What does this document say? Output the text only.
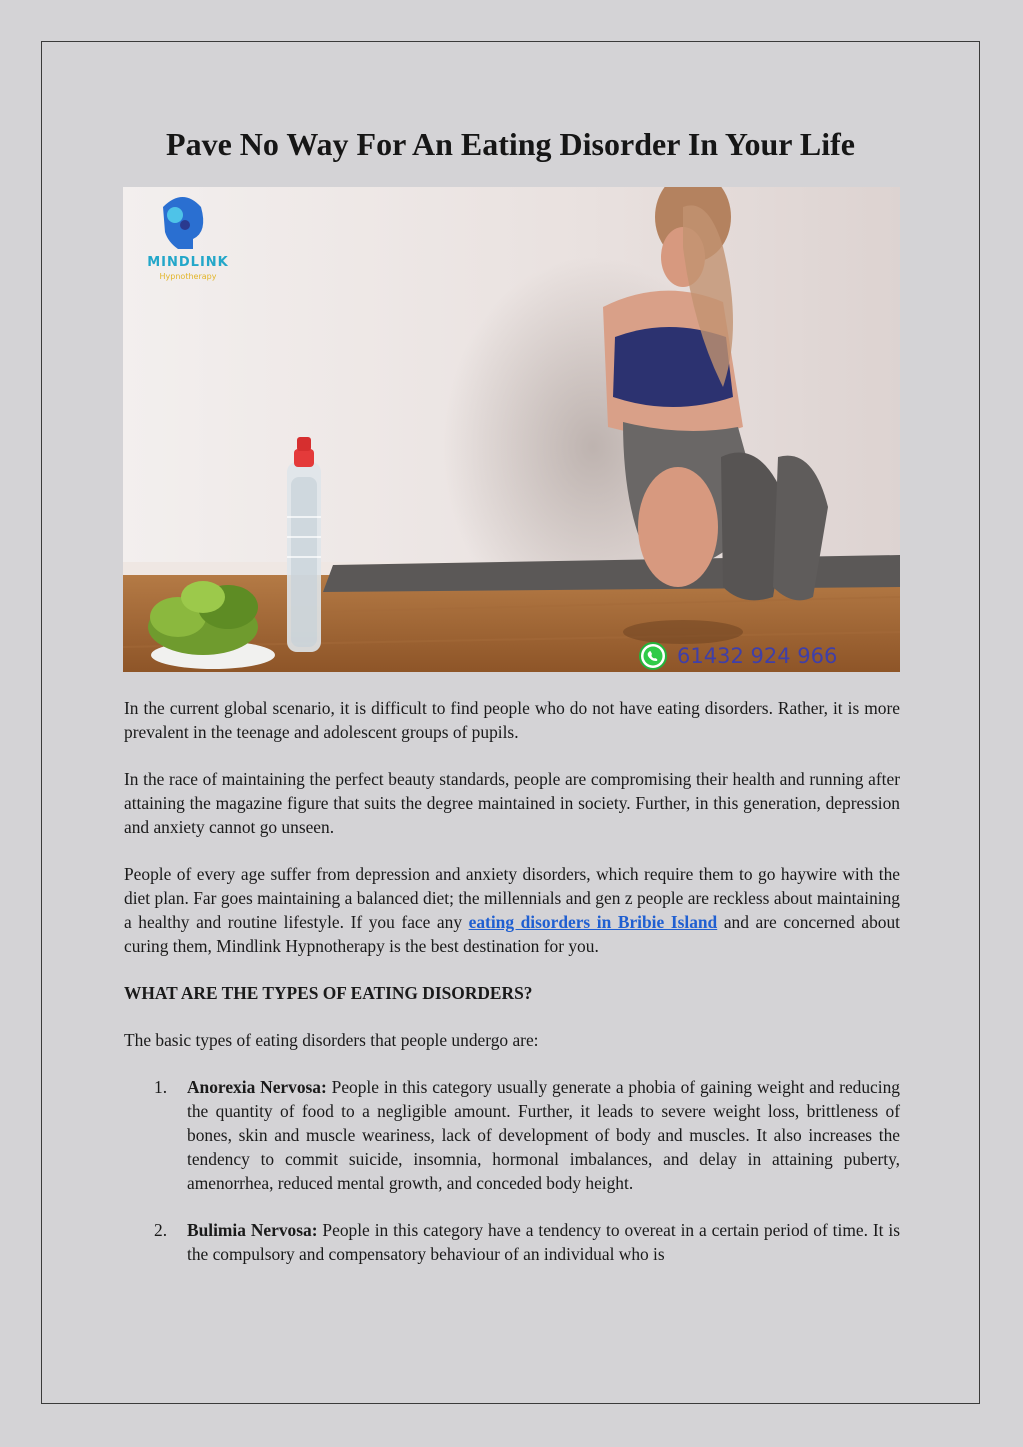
Pave No Way For An Eating Disorder In Your Life
MINDLINK
Hypnotherapy
61432 924 966

In the current global scenario, it is difficult to find people who do not have eating disorders. Rather, it is more prevalent in the teenage and adolescent groups of pupils.

In the race of maintaining the perfect beauty standards, people are compromising their health and running after attaining the magazine figure that suits the degree maintained in society. Further, in this generation, depression and anxiety cannot go unseen.

People of every age suffer from depression and anxiety disorders, which require them to go haywire with the diet plan. Far goes maintaining a balanced diet; the millennials and gen z people are reckless about maintaining a healthy and routine lifestyle. If you face any eating disorders in Bribie Island and are concerned about curing them, Mindlink Hypnotherapy is the best destination for you.

WHAT ARE THE TYPES OF EATING DISORDERS?

The basic types of eating disorders that people undergo are:

1. Anorexia Nervosa: People in this category usually generate a phobia of gaining weight and reducing the quantity of food to a negligible amount. Further, it leads to severe weight loss, brittleness of bones, skin and muscle weariness, lack of development of body and muscles. It also increases the tendency to commit suicide, insomnia, hormonal imbalances, and delay in attaining puberty, amenorrhea, reduced mental growth, and conceded body height.
2. Bulimia Nervosa: People in this category have a tendency to overeat in a certain period of time. It is the compulsory and compensatory behaviour of an individual who is
